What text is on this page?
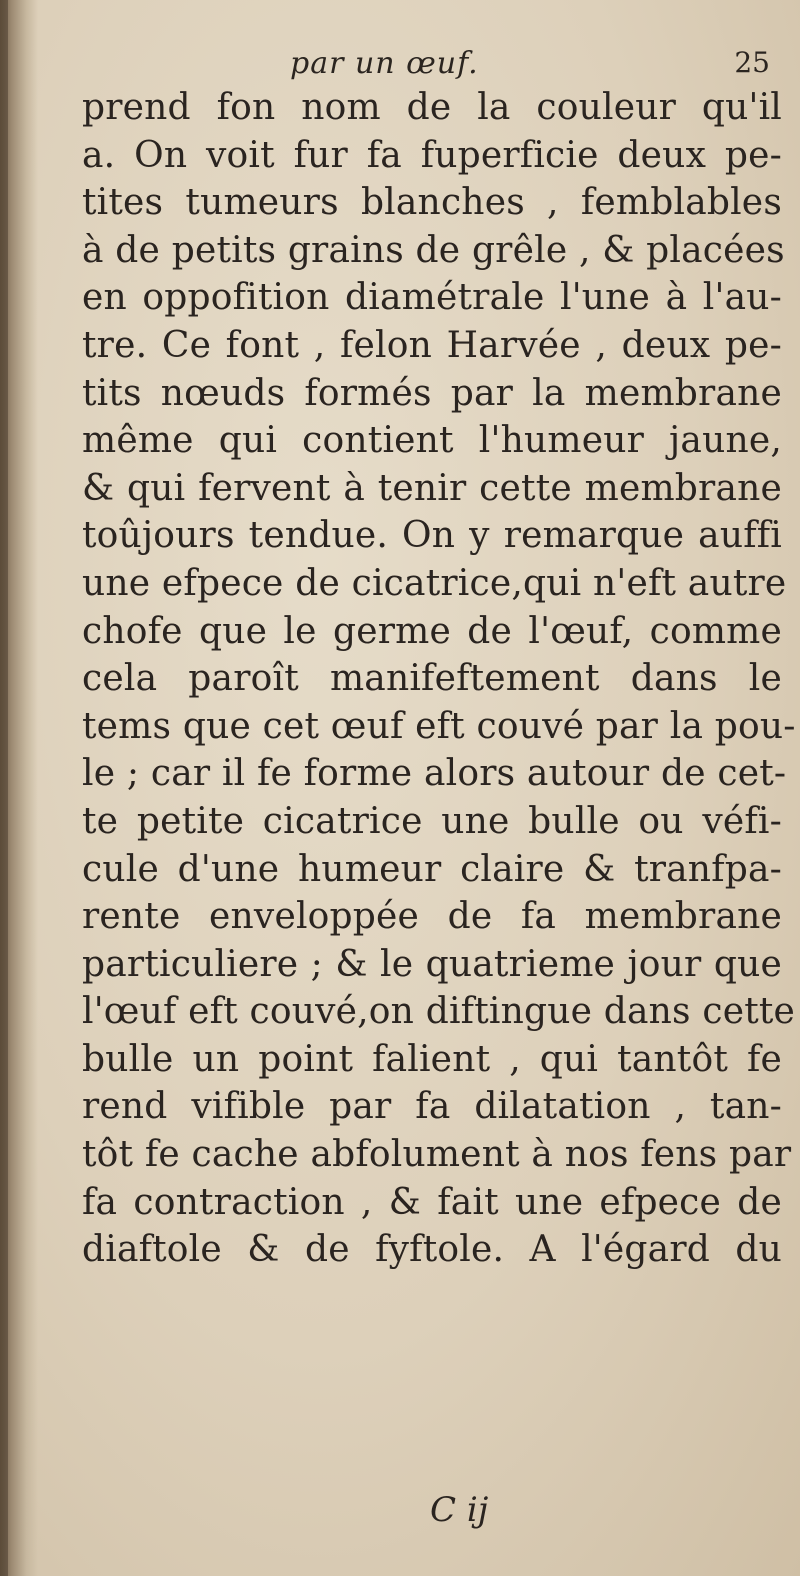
par un œuf.	25
prend fon nom de la couleur qu'il
a. On voit fur fa fuperficie deux pe-
tites tumeurs blanches , femblables
à de petits grains de grêle , & placées
en oppofition diamétrale l'une à l'au-
tre. Ce font , felon Harvée , deux pe-
tits nœuds formés par la membrane
même qui contient l'humeur jaune,
& qui fervent à tenir cette membrane
toûjours tendue. On y remarque auffi
une efpece de cicatrice,qui n'eft autre
chofe que le germe de l'œuf, comme
cela paroît manifeftement dans le
tems que cet œuf eft couvé par la pou-
le ; car il fe forme alors autour de cet-
te petite cicatrice une bulle ou véfi-
cule d'une humeur claire & tranfpa-
rente enveloppée de fa membrane
particuliere ; & le quatrieme jour que
l'œuf eft couvé,on diftingue dans cette
bulle un point falient , qui tantôt fe
rend vifible par fa dilatation , tan-
tôt fe cache abfolument à nos fens par
fa contraction , & fait une efpece de
diaftole & de fyftole. A l'égard du
C ij
